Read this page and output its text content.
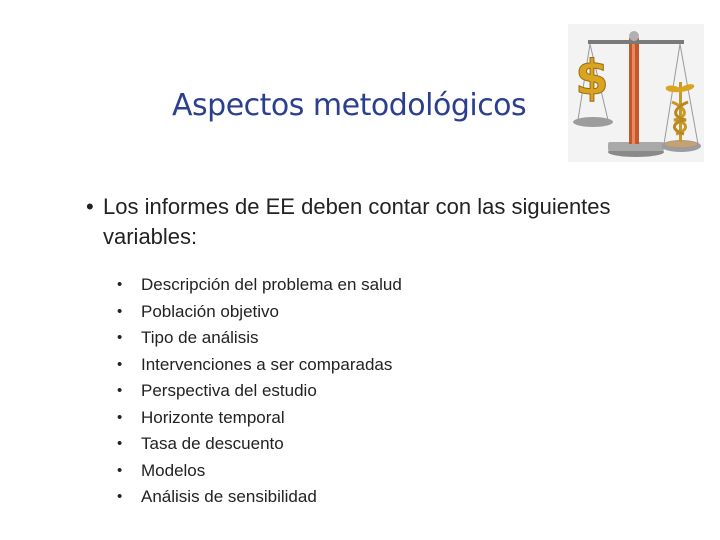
Aspectos metodológicos $
• Los informes de EE deben contar con las siguientes variables:
• Descripción del problema en salud
• Población objetivo
• Tipo de análisis
• Intervenciones a ser comparadas
• Perspectiva del estudio
• Horizonte temporal
• Tasa de descuento
• Modelos
• Análisis de sensibilidad
